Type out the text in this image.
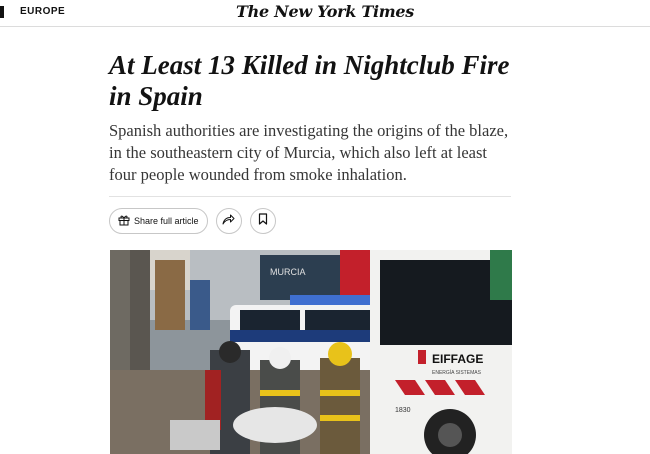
EUROPE	The New York Times
At Least 13 Killed in Nightclub Fire in Spain

Spanish authorities are investigating the origins of the blaze, in the southeastern city of Murcia, which also left at least four people wounded from smoke inhalation.

Share full article
MURCIA
EIFFAGE
ENERGÍA SISTEMAS
1830
